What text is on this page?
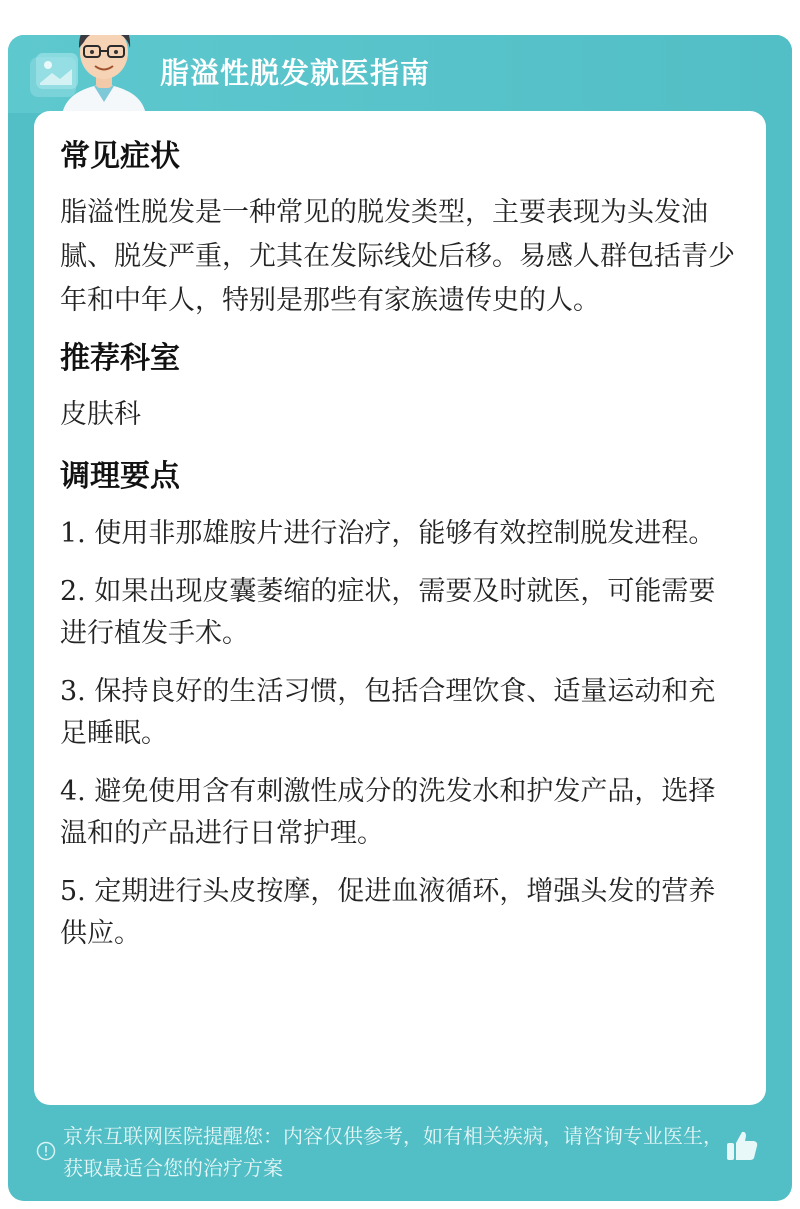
脂溢性脱发就医指南
常见症状
脂溢性脱发是一种常见的脱发类型，主要表现为头发油腻、脱发严重，尤其在发际线处后移。易感人群包括青少年和中年人，特别是那些有家族遗传史的人。
推荐科室
皮肤科
调理要点
1. 使用非那雄胺片进行治疗，能够有效控制脱发进程。
2. 如果出现皮囊萎缩的症状，需要及时就医，可能需要进行植发手术。
3. 保持良好的生活习惯，包括合理饮食、适量运动和充足睡眠。
4. 避免使用含有刺激性成分的洗发水和护发产品，选择温和的产品进行日常护理。
5. 定期进行头皮按摩，促进血液循环，增强头发的营养供应。
京东互联网医院提醒您：内容仅供参考，如有相关疾病，请咨询专业医生，获取最适合您的治疗方案
